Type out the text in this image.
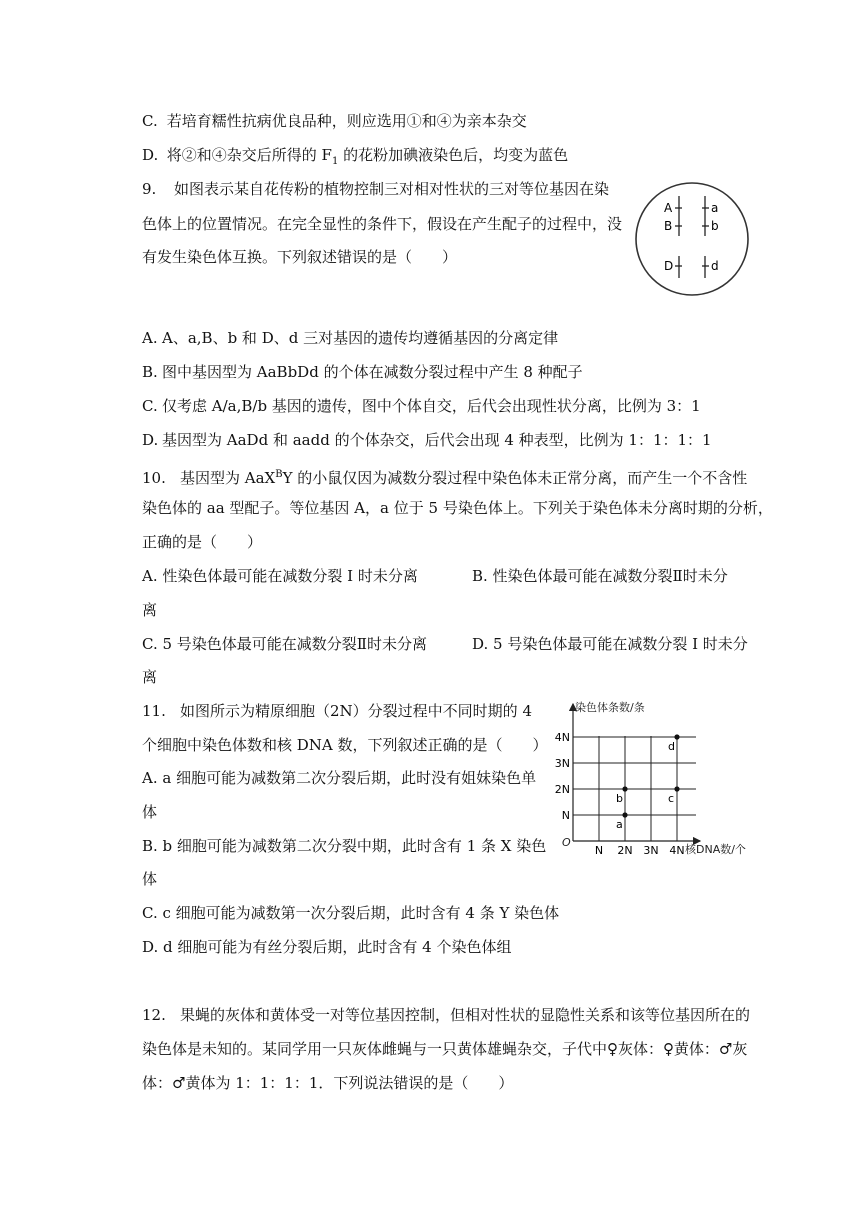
C. 若培育糯性抗病优良品种，则应选用①和④为亲本杂交
D. 将②和④杂交后所得的 $F_1$ 的花粉加碘液染色后，均变为蓝色
9. 如图表示某自花传粉的植物控制三对相对性状的三对等位基因在染
色体上的位置情况。在完全显性的条件下，假设在产生配子的过程中，没
有发生染色体互换。下列叙述错误的是（　　）
A
B
a
b
D	d
A. A、a,B、b 和 D、d 三对基因的遗传均遵循基因的分离定律
B. 图中基因型为 AaBbDd 的个体在减数分裂过程中产生 8 种配子
C. 仅考虑 A/a,B/b 基因的遗传，图中个体自交，后代会出现性状分离，比例为 3：1
D. 基因型为 AaDd 和 aadd 的个体杂交，后代会出现 4 种表型，比例为 1：1：1：1
10. 基因型为 AaX$^B$Y 的小鼠仅因为减数分裂过程中染色体未正常分离，而产生一个不含性
染色体的 aa 型配子。等位基因 A，a 位于 5 号染色体上。下列关于染色体未分离时期的分析，
正确的是（　　）
A. 性染色体最可能在减数分裂 I 时未分离	B. 性染色体最可能在减数分裂Ⅱ时未分
离
C. 5 号染色体最可能在减数分裂Ⅱ时未分离	D. 5 号染色体最可能在减数分裂 I 时未分
离
11. 如图所示为精原细胞（2N）分裂过程中不同时期的 4
个细胞中染色体数和核 DNA 数，下列叙述正确的是（　　）
A. a 细胞可能为减数第二次分裂后期，此时没有姐妹染色单
体
B. b 细胞可能为减数第二次分裂中期，此时含有 1 条 X 染色
体
C. c 细胞可能为减数第一次分裂后期，此时含有 4 条 Y 染色体
D. d 细胞可能为有丝分裂后期，此时含有 4 个染色体组
染色体条数/条
核DNA数/个
O
N
2N
3N
4N
N 2N 3N 4N
a
b	c
d
12. 果蝇的灰体和黄体受一对等位基因控制，但相对性状的显隐性关系和该等位基因所在的
染色体是未知的。某同学用一只灰体雌蝇与一只黄体雄蝇杂交，子代中♀灰体：♀黄体：♂灰
体：♂黄体为 1：1：1：1．下列说法错误的是（　　）
